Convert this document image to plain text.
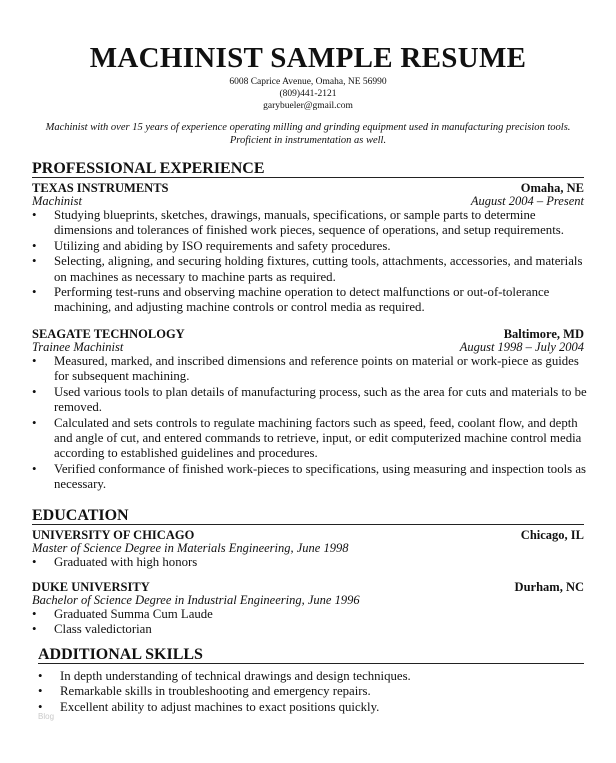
MACHINIST SAMPLE RESUME
6008 Caprice Avenue, Omaha, NE 56990
(809)441-2121
garybueler@gmail.com
Machinist with over 15 years of experience operating milling and grinding equipment used in manufacturing precision tools.
Proficient in instrumentation as well.
PROFESSIONAL EXPERIENCE
TEXAS INSTRUMENTS	Omaha, NE
Machinist	August 2004 – Present
• Studying blueprints, sketches, drawings, manuals, specifications, or sample parts to determine dimensions and tolerances of finished work pieces, sequence of operations, and setup requirements.
• Utilizing and abiding by ISO requirements and safety procedures.
• Selecting, aligning, and securing holding fixtures, cutting tools, attachments, accessories, and materials on machines as necessary to machine parts as required.
• Performing test-runs and observing machine operation to detect malfunctions or out-of-tolerance machining, and adjusting machine controls or control media as required.
SEAGATE TECHNOLOGY	Baltimore, MD
Trainee Machinist	August 1998 – July 2004
• Measured, marked, and inscribed dimensions and reference points on material or work-piece as guides for subsequent machining.
• Used various tools to plan details of manufacturing process, such as the area for cuts and materials to be removed.
• Calculated and sets controls to regulate machining factors such as speed, feed, coolant flow, and depth and angle of cut, and entered commands to retrieve, input, or edit computerized machine control media according to established guidelines and procedures.
• Verified conformance of finished work-pieces to specifications, using measuring and inspection tools as necessary.
EDUCATION
UNIVERSITY OF CHICAGO	Chicago, IL
Master of Science Degree in Materials Engineering, June 1998
• Graduated with high honors
DUKE UNIVERSITY	Durham, NC
Bachelor of Science Degree in Industrial Engineering, June 1996
• Graduated Summa Cum Laude
• Class valedictorian
ADDITIONAL SKILLS
• In depth understanding of technical drawings and design techniques.
• Remarkable skills in troubleshooting and emergency repairs.
• Excellent ability to adjust machines to exact positions quickly.
Blog
